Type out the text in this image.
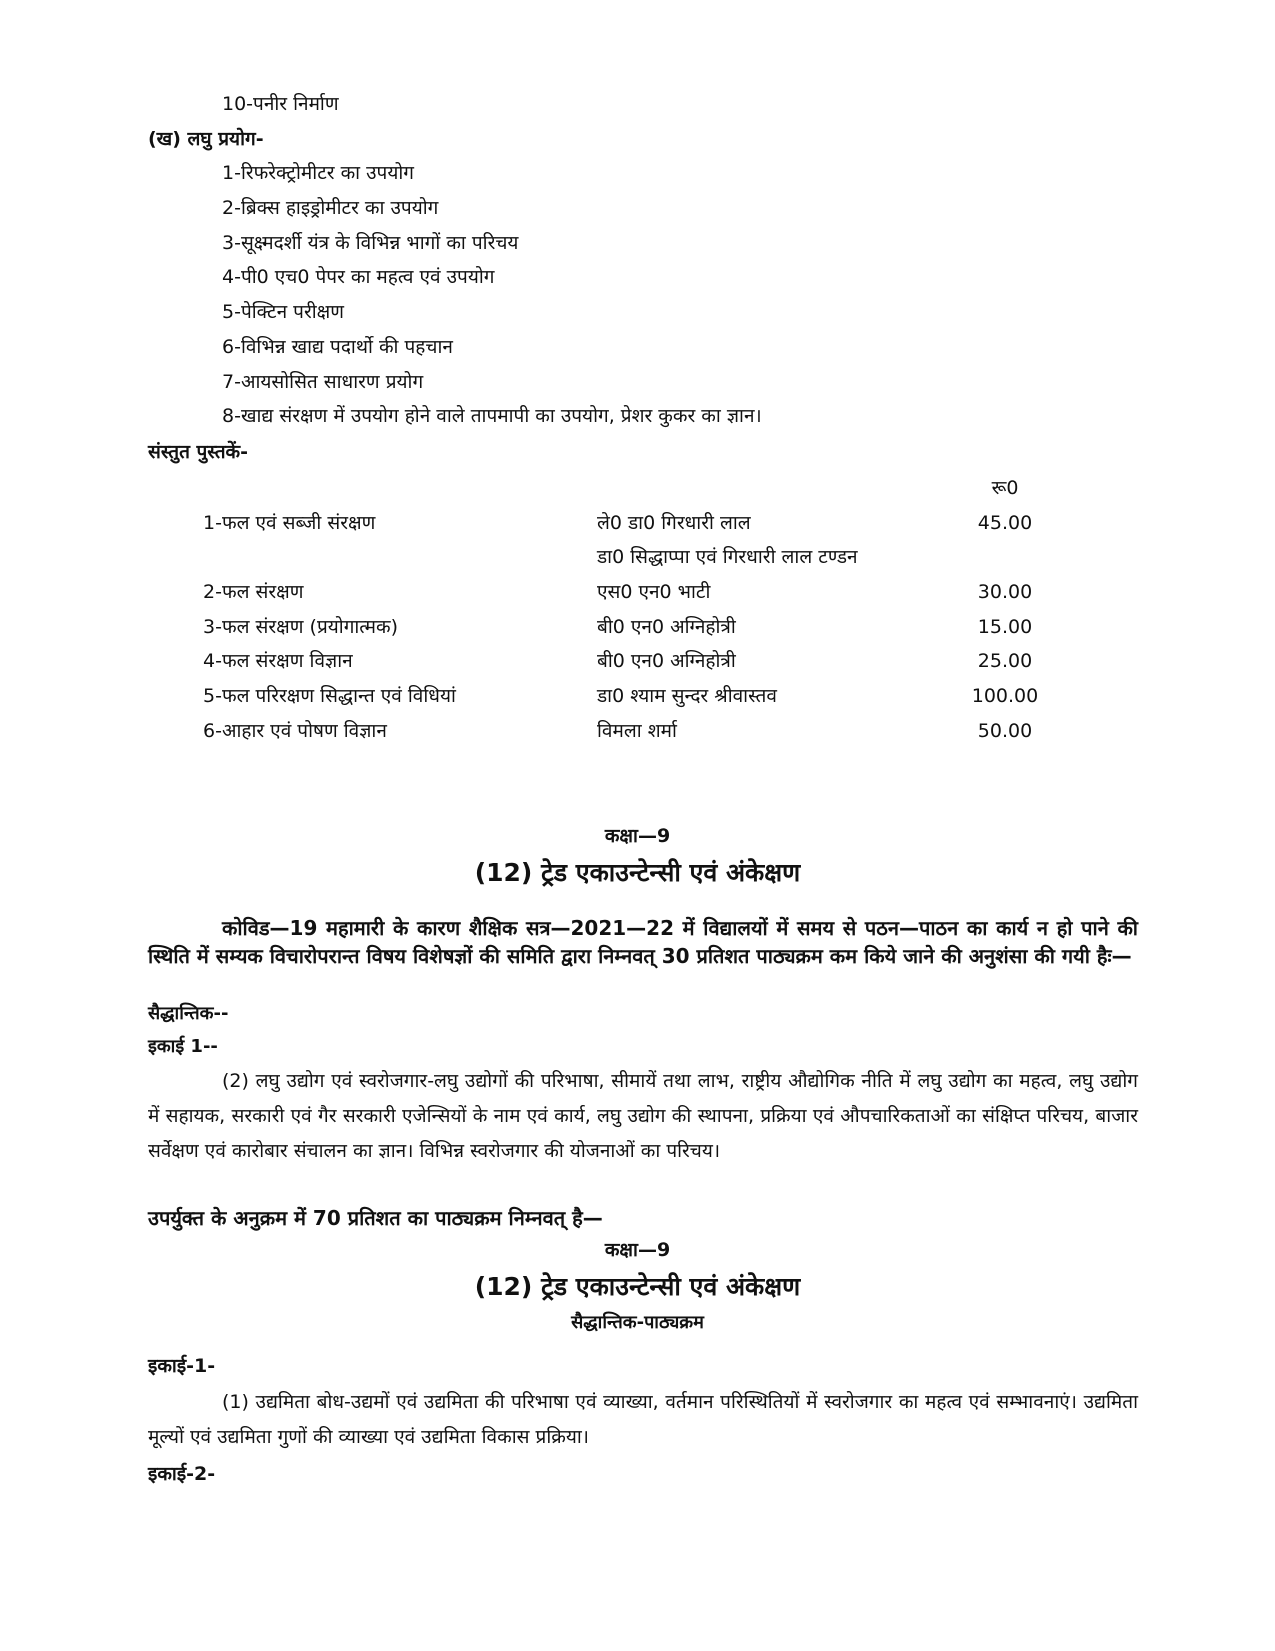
10-पनीर निर्माण
(ख) लघु प्रयोग-
1-रिफरेक्ट्रोमीटर का उपयोग
2-ब्रिक्स हाइड्रोमीटर का उपयोग
3-सूक्ष्मदर्शी यंत्र के विभिन्न भागों का परिचय
4-पी0 एच0 पेपर का महत्व एवं उपयोग
5-पेक्टिन परीक्षण
6-विभिन्न खाद्य पदार्थो की पहचान
7-आयसोसित साधारण प्रयोग
8-खाद्य संरक्षण में उपयोग होने वाले तापमापी का उपयोग, प्रेशर कुकर का ज्ञान।
संस्तुत पुस्तकें-
रू0
1-फल एवं सब्जी संरक्षण	ले0 डा0 गिरधारी लाल	45.00
डा0 सिद्धाप्पा एवं गिरधारी लाल टण्डन
2-फल संरक्षण	एस0 एन0 भाटी	30.00
3-फल संरक्षण (प्रयोगात्मक)	बी0 एन0 अग्निहोत्री	15.00
4-फल संरक्षण विज्ञान	बी0 एन0 अग्निहोत्री	25.00
5-फल परिरक्षण सिद्धान्त एवं विधियां	डा0 श्याम सुन्दर श्रीवास्तव	100.00
6-आहार एवं पोषण विज्ञान	विमला शर्मा	50.00
कक्षा—9
(12) ट्रेड एकाउन्टेन्सी एवं अंकेक्षण
कोविड—19 महामारी के कारण शैक्षिक सत्र—2021—22 में विद्यालयों में समय से पठन—पाठन का कार्य न हो पाने की स्थिति में सम्यक विचारोपरान्त विषय विशेषज्ञों की समिति द्वारा निम्नवत् 30 प्रतिशत पाठ्यक्रम कम किये जाने की अनुशंसा की गयी हैः—
सैद्धान्तिक--
इकाई 1--
(2) लघु उद्योग एवं स्वरोजगार-लघु उद्योगों की परिभाषा, सीमायें तथा लाभ, राष्ट्रीय औद्योगिक नीति में लघु उद्योग का महत्व, लघु उद्योग में सहायक, सरकारी एवं गैर सरकारी एजेन्सियों के नाम एवं कार्य, लघु उद्योग की स्थापना, प्रक्रिया एवं औपचारिकताओं का संक्षिप्त परिचय, बाजार सर्वेक्षण एवं कारोबार संचालन का ज्ञान। विभिन्न स्वरोजगार की योजनाओं का परिचय।
उपर्युक्त के अनुक्रम में 70 प्रतिशत का पाठ्यक्रम निम्नवत् है—
कक्षा—9
(12) ट्रेड एकाउन्टेन्सी एवं अंकेक्षण
सैद्धान्तिक-पाठ्यक्रम
इकाई-1-
(1) उद्यमिता बोध-उद्यमों एवं उद्यमिता की परिभाषा एवं व्याख्या, वर्तमान परिस्थितियों में स्वरोजगार का महत्व एवं सम्भावनाएं। उद्यमिता मूल्यों एवं उद्यमिता गुणों की व्याख्या एवं उद्यमिता विकास प्रक्रिया।
इकाई-2-
